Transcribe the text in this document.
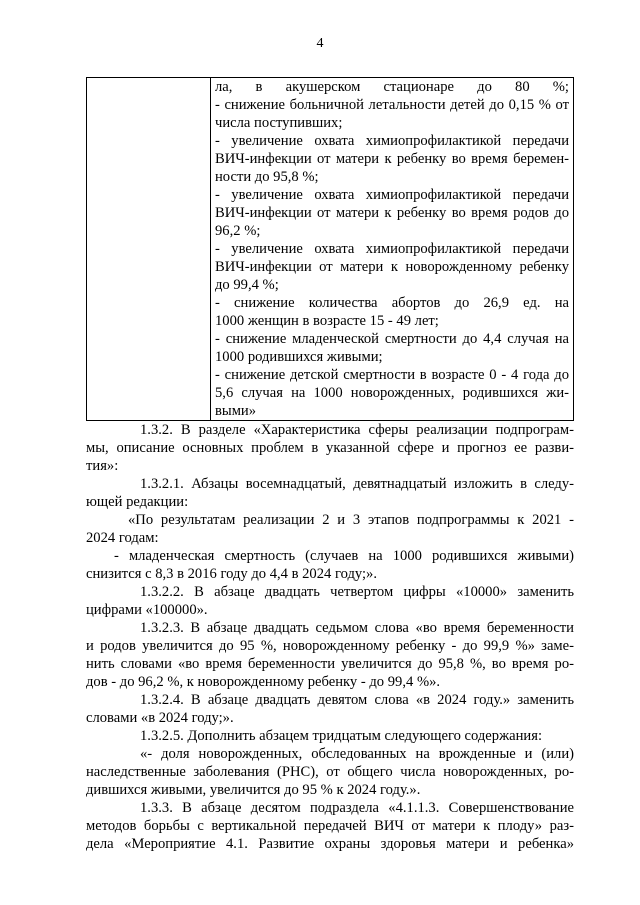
4

ла, в акушерском стационаре до 80 %;
- снижение больничной летальности детей до 0,15 % от
числа поступивших;
- увеличение охвата химиопрофилактикой передачи
ВИЧ-инфекции от матери к ребенку во время беремен-
ности до 95,8 %;
- увеличение охвата химиопрофилактикой передачи
ВИЧ-инфекции от матери к ребенку во время родов до
96,2 %;
- увеличение охвата химиопрофилактикой передачи
ВИЧ-инфекции от матери к новорожденному ребенку
до 99,4 %;
- снижение количества абортов до 26,9 ед. на
1000 женщин в возрасте 15 - 49 лет;
- снижение младенческой смертности до 4,4 случая на
1000 родившихся живыми;
- снижение детской смертности в возрасте 0 - 4 года до
5,6 случая на 1000 новорожденных, родившихся жи-
выми»
1.3.2. В разделе «Характеристика сферы реализации подпрограм-
мы, описание основных проблем в указанной сфере и прогноз ее разви-
тия»:
1.3.2.1. Абзацы восемнадцатый, девятнадцатый изложить в следу-
ющей редакции:
«По результатам реализации 2 и 3 этапов подпрограммы к 2021 -
2024 годам:
- младенческая смертность (случаев на 1000 родившихся живыми)
снизится с 8,3 в 2016 году до 4,4 в 2024 году;».
1.3.2.2. В абзаце двадцать четвертом цифры «10000» заменить
цифрами «100000».
1.3.2.3. В абзаце двадцать седьмом слова «во время беременности
и родов увеличится до 95 %, новорожденному ребенку - до 99,9 %» заме-
нить словами «во время беременности увеличится до 95,8 %, во время ро-
дов - до 96,2 %, к новорожденному ребенку - до 99,4 %».
1.3.2.4. В абзаце двадцать девятом слова «в 2024 году.» заменить
словами «в 2024 году;».
1.3.2.5. Дополнить абзацем тридцатым следующего содержания:
«- доля новорожденных, обследованных на врожденные и (или)
наследственные заболевания (РНС), от общего числа новорожденных, ро-
дившихся живыми, увеличится до 95 % к 2024 году.».
1.3.3. В абзаце десятом подраздела «4.1.1.3. Совершенствование
методов борьбы с вертикальной передачей ВИЧ от матери к плоду» раз-
дела «Мероприятие 4.1. Развитие охраны здоровья матери и ребенка»
